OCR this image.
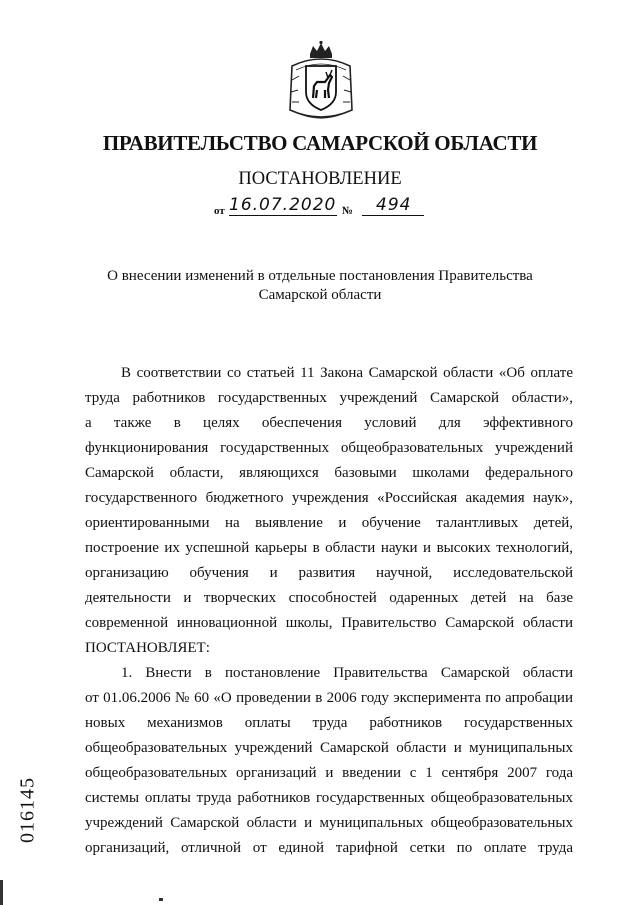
ПРАВИТЕЛЬСТВО САМАРСКОЙ ОБЛАСТИ
ПОСТАНОВЛЕНИЕ
от 16.07.2020 № 494
О внесении изменений в отдельные постановления Правительства
Самарской области
В соответствии со статьей 11 Закона Самарской области «Об оплате
труда работников государственных учреждений Самарской области»,
а также в целях обеспечения условий для эффективного
функционирования государственных общеобразовательных учреждений
Самарской области, являющихся базовыми школами федерального
государственного бюджетного учреждения «Российская академия наук»,
ориентированными на выявление и обучение талантливых детей,
построение их успешной карьеры в области науки и высоких технологий,
организацию обучения и развития научной, исследовательской
деятельности и творческих способностей одаренных детей на базе
современной инновационной школы, Правительство Самарской области
ПОСТАНОВЛЯЕТ:
1. Внести в постановление Правительства Самарской области
от 01.06.2006 № 60 «О проведении в 2006 году эксперимента по апробации
новых механизмов оплаты труда работников государственных
общеобразовательных учреждений Самарской области и муниципальных
общеобразовательных организаций и введении с 1 сентября 2007 года
системы оплаты труда работников государственных общеобразовательных
учреждений Самарской области и муниципальных общеобразовательных
организаций, отличной от единой тарифной сетки по оплате труда
016145
